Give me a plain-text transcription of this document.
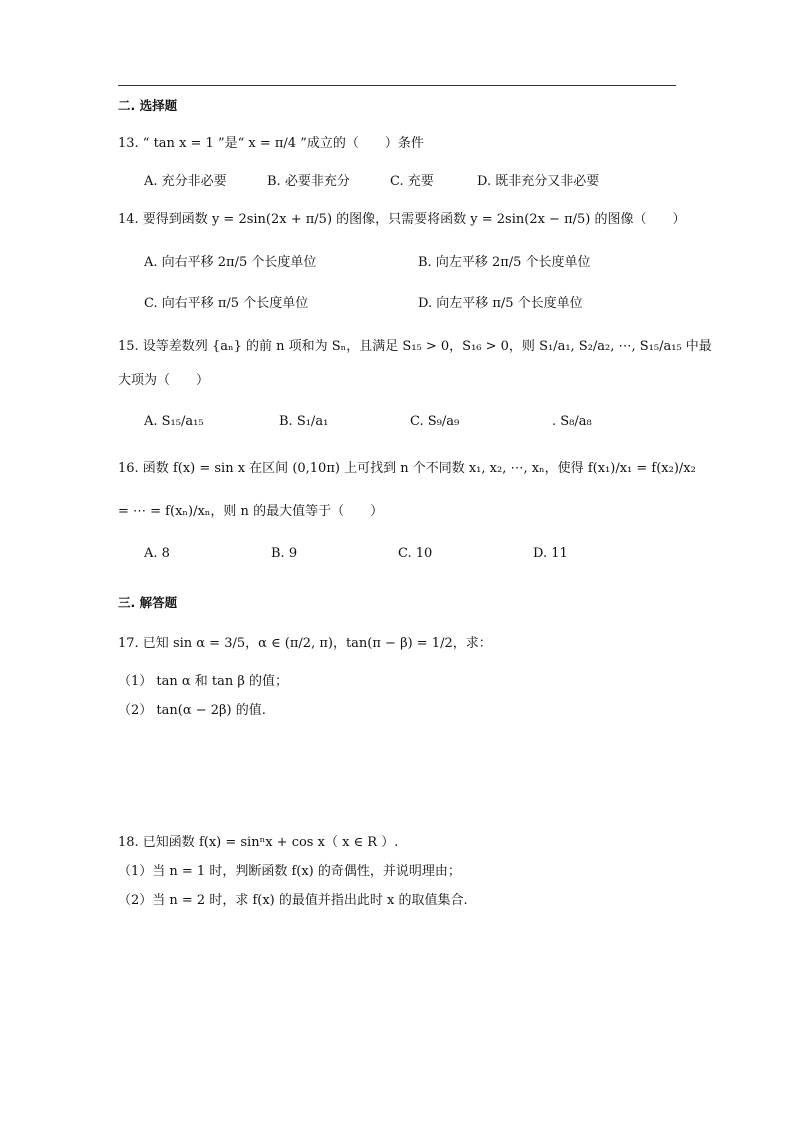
二. 选择题
13. “ tan x = 1 ”是“ x = π/4 ”成立的（　　）条件
A. 充分非必要	B. 必要非充分	C. 充要	D. 既非充分又非必要
14. 要得到函数 y = 2sin(2x + π/5) 的图像，只需要将函数 y = 2sin(2x − π/5) 的图像（　　）
A. 向右平移 2π/5 个长度单位	B. 向左平移 2π/5 个长度单位
C. 向右平移 π/5 个长度单位	D. 向左平移 π/5 个长度单位
15. 设等差数列 {aₙ} 的前 n 项和为 Sₙ，且满足 S₁₅ > 0，S₁₆ > 0，则 S₁/a₁, S₂/a₂, ⋯, S₁₅/a₁₅ 中最
大项为（　　）
A. S₁₅/a₁₅	B. S₁/a₁	C. S₉/a₉	. S₈/a₈
16. 函数 f(x) = sin x 在区间 (0,10π) 上可找到 n 个不同数 x₁, x₂, ⋯, xₙ，使得 f(x₁)/x₁ = f(x₂)/x₂
= ⋯ = f(xₙ)/xₙ，则 n 的最大值等于（　　）
A. 8	B. 9	C. 10	D. 11
三. 解答题
17. 已知 sin α = 3/5，α ∈ (π/2, π)，tan(π − β) = 1/2，求：
（1） tan α 和 tan β 的值；
（2） tan(α − 2β) 的值.
18. 已知函数 f(x) = sinⁿx + cos x（ x ∈ R ）.
（1）当 n = 1 时，判断函数 f(x) 的奇偶性，并说明理由；
（2）当 n = 2 时，求 f(x) 的最值并指出此时 x 的取值集合.
